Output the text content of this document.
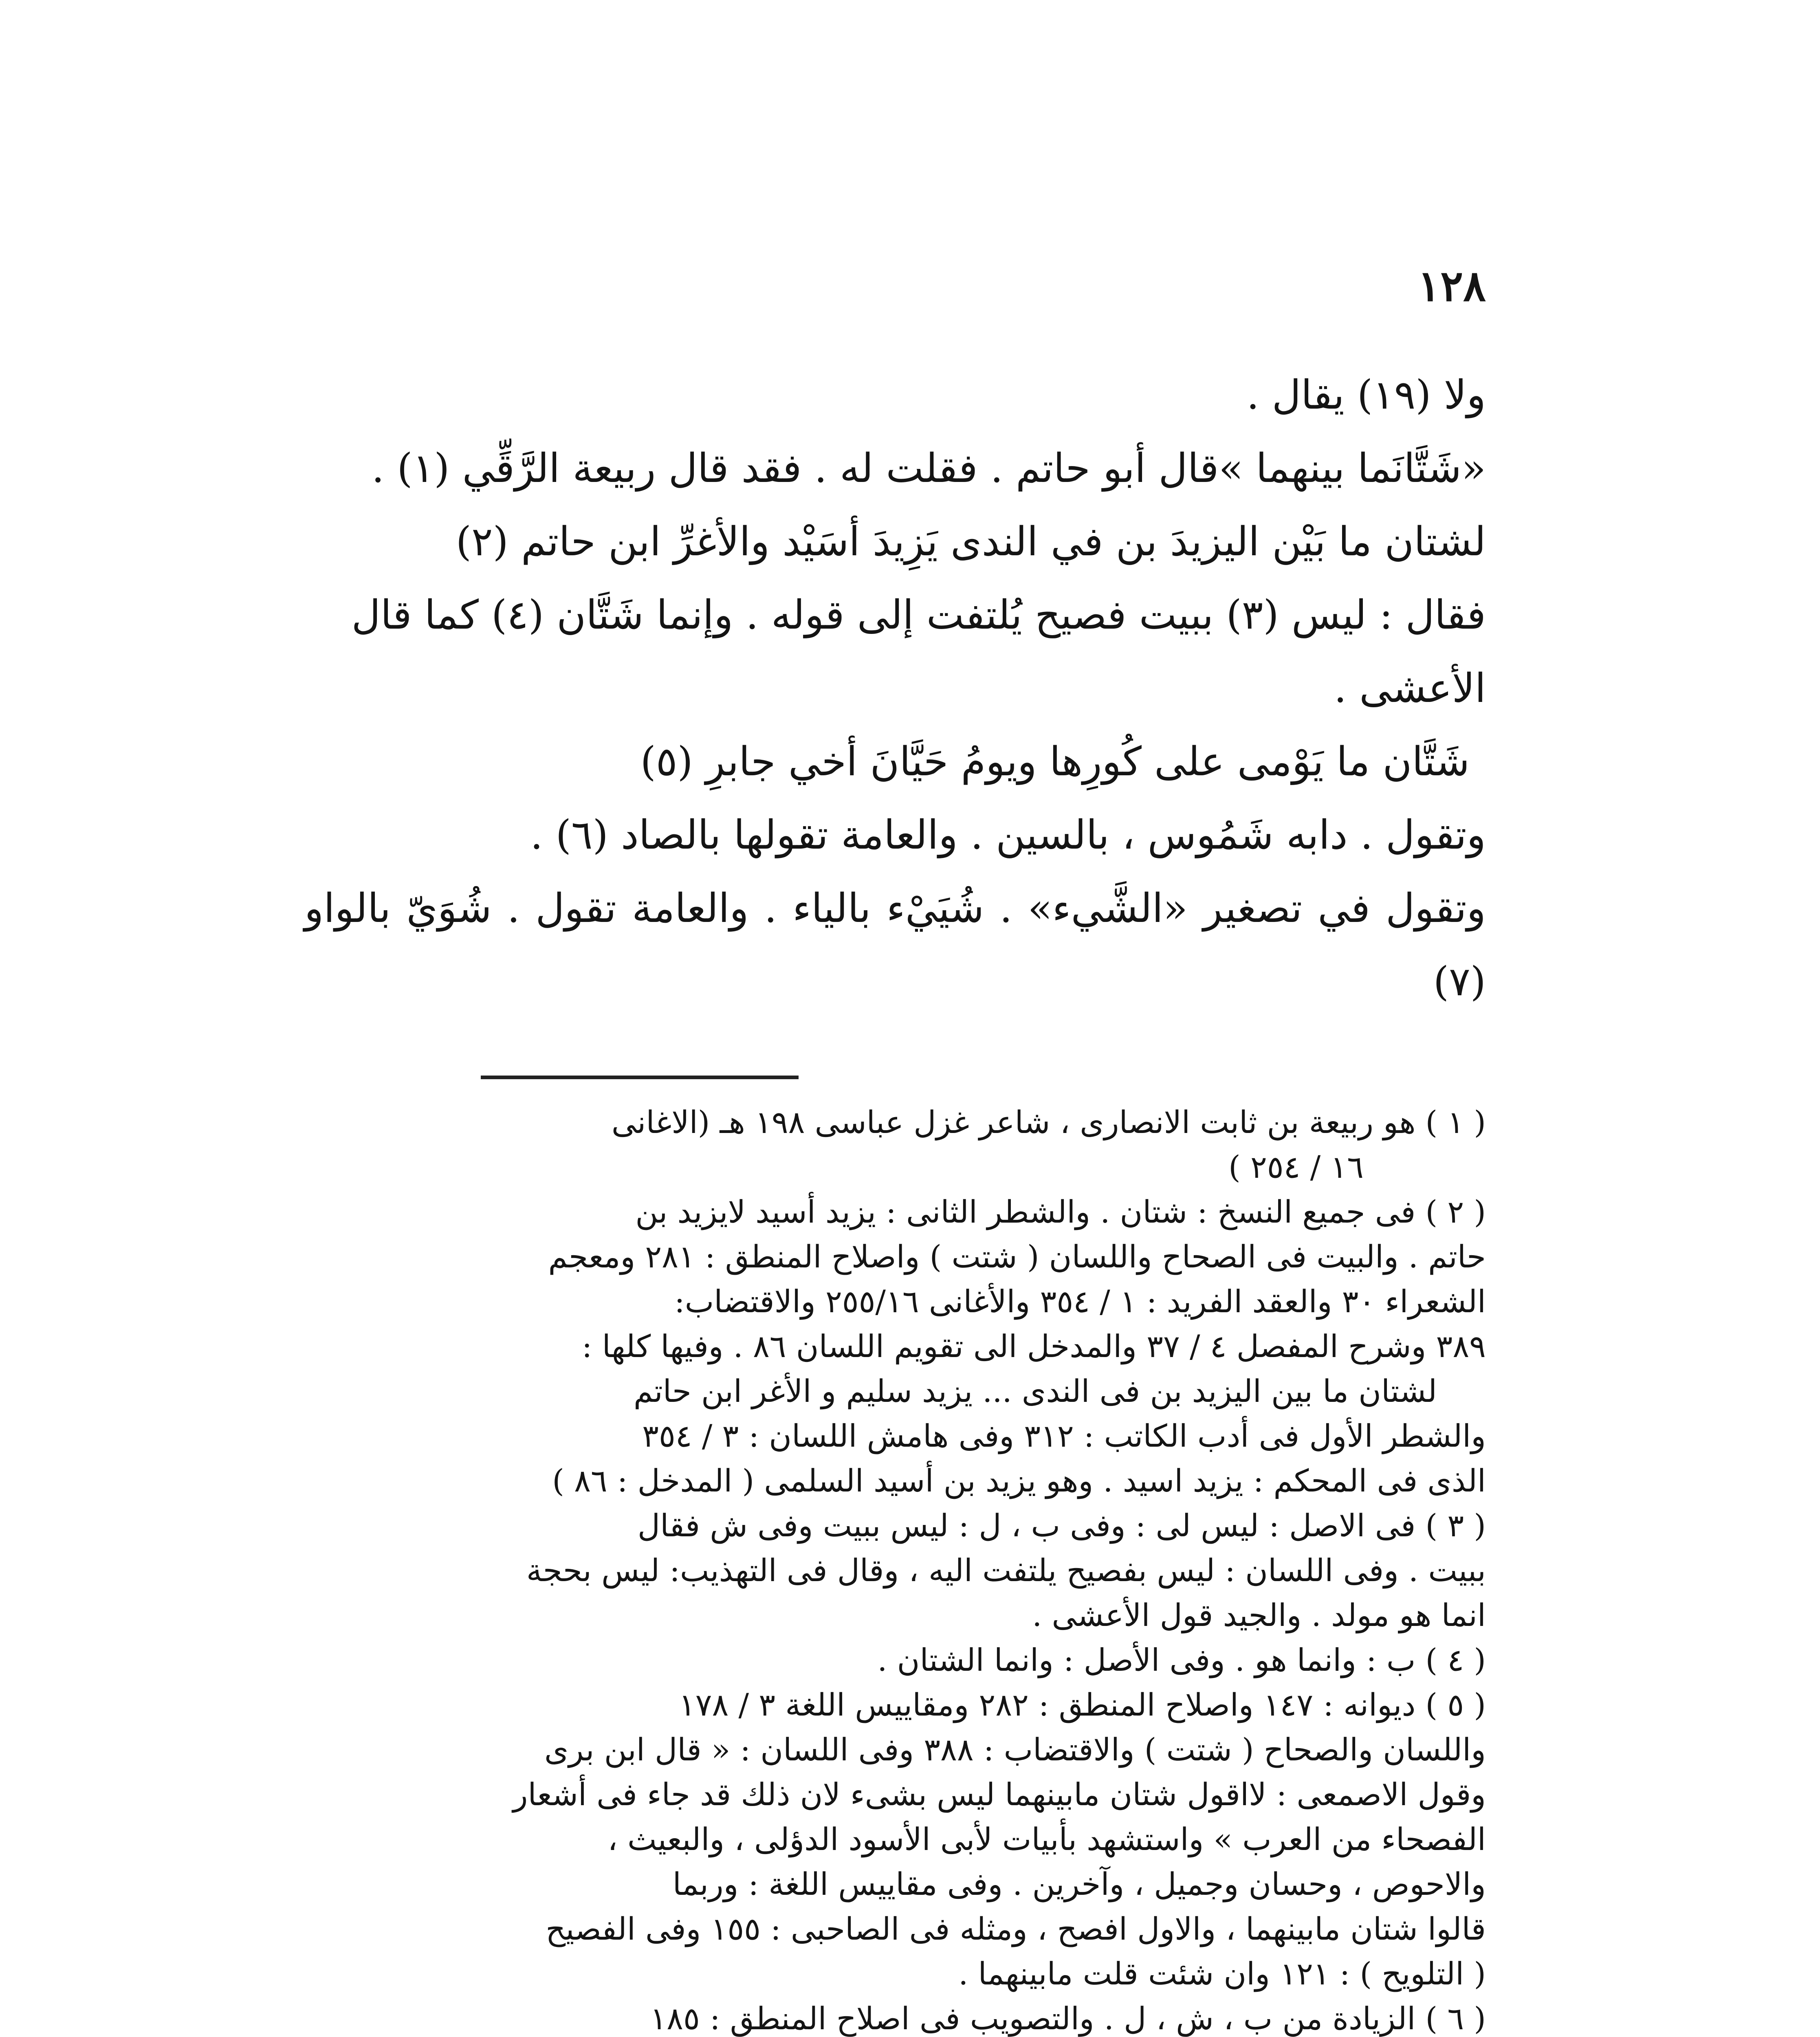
١٢٨

ولا (١٩) يقال .

«شَتَّانَما بينهما »قال أبو حاتم . فقلت له . فقد قال ربيعة الرَّقِّي (١) .

لشتان ما بَيْن اليزيدَ بن في الندى يَزِيدَ أسَيْد والأغرِّ ابن حاتم (٢)

فقال : ليس (٣) ببيت فصيح يُلتفت إلى قوله . وإنما شَتَّان (٤) كما قال

الأعشى .

شَتَّان ما يَوْمى على كُورِها ويومُ حَيَّانَ أخي جابرِ (٥)

وتقول . دابه شَمُوس ، بالسين . والعامة تقولها بالصاد (٦) .

وتقول في تصغير «الشَّيء» . شُيَيْء بالياء . والعامة تقول . شُوَيّ بالواو (٧)

( ١ ) هو ربيعة بن ثابت الانصارى ، شاعر غزل عباسى ١٩٨ هـ (الاغانى

١٦ / ٢٥٤ )

( ٢ ) فى جميع النسخ : شتان . والشطر الثانى : يزيد أسيد لايزيد بن

حاتم . والبيت فى الصحاح واللسان ( شتت ) واصلاح المنطق : ٢٨١ ومعجم

الشعراء ٣٠ والعقد الفريد : ١ / ٣٥٤ والأغانى ٢٥٥/١٦ والاقتضاب:

٣٨٩ وشرح المفصل ٤ / ٣٧ والمدخل الى تقويم اللسان ٨٦ . وفيها كلها :

لشتان ما بين اليزيد بن فى الندى ... يزيد سليم و الأغر ابن حاتم

والشطر الأول فى أدب الكاتب : ٣١٢ وفى هامش اللسان : ٣ / ٣٥٤

الذى فى المحكم : يزيد اسيد . وهو يزيد بن أسيد السلمى ( المدخل : ٨٦ )

( ٣ ) فى الاصل : ليس لى : وفى ب ، ل : ليس ببيت وفى ش فقال

ببيت . وفى اللسان : ليس بفصيح يلتفت اليه ، وقال فى التهذيب: ليس بحجة

انما هو مولد . والجيد قول الأعشى .

( ٤ ) ب : وانما هو . وفى الأصل : وانما الشتان .

( ٥ ) ديوانه : ١٤٧ واصلاح المنطق : ٢٨٢ ومقاييس اللغة ٣ / ١٧٨

واللسان والصحاح ( شتت ) والاقتضاب : ٣٨٨ وفى اللسان : « قال ابن برى

وقول الاصمعى : لااقول شتان مابينهما ليس بشىء لان ذلك قد جاء فى أشعار

الفصحاء من العرب » واستشهد بأبيات لأبى الأسود الدؤلى ، والبعيث ،

والاحوص ، وحسان وجميل ، وآخرين . وفى مقاييس اللغة : وربما

قالوا شتان مابينهما ، والاول افصح ، ومثله فى الصاحبى : ١٥٥ وفى الفصيح

( التلويح ) : ١٢١ وان شئت قلت مابينهما .

( ٦ ) الزيادة من ب ، ش ، ل . والتصويب فى اصلاح المنطق : ١٨٥
